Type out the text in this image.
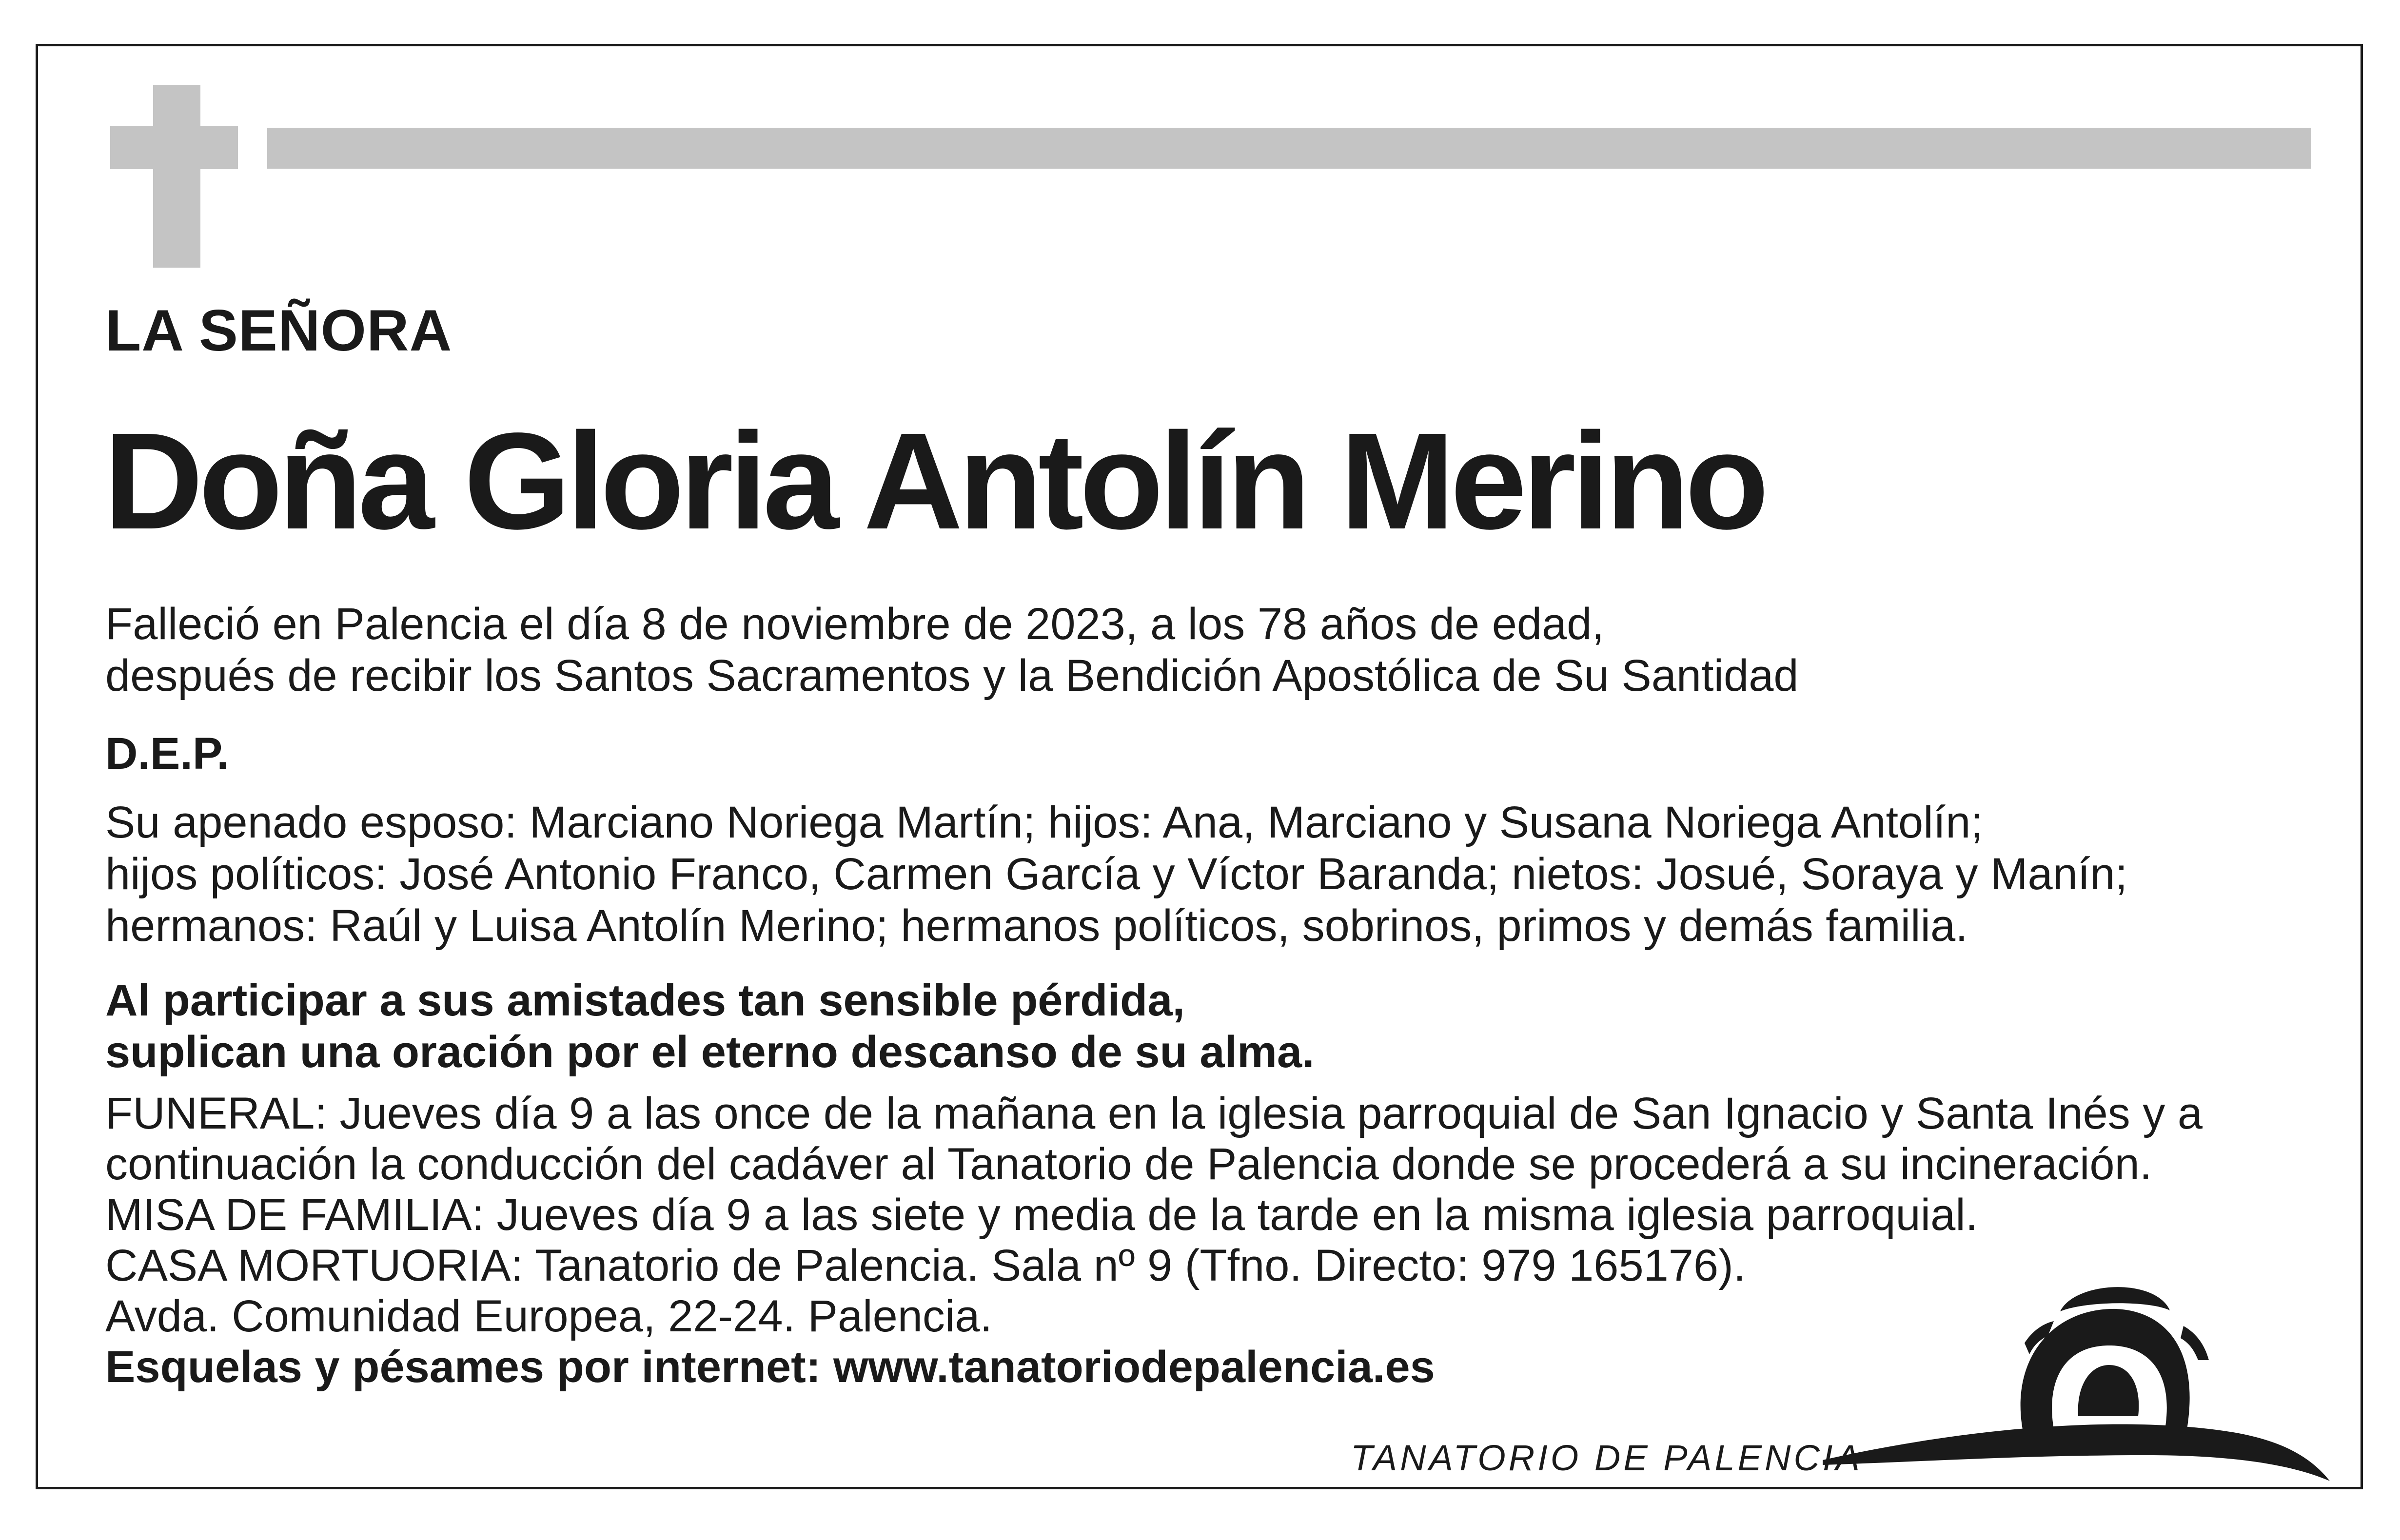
LA SEÑORA
Doña Gloria Antolín Merino
Falleció en Palencia el día 8 de noviembre de 2023, a los 78 años de edad,
después de recibir los Santos Sacramentos y la Bendición Apostólica de Su Santidad
D.E.P.
Su apenado esposo: Marciano Noriega Martín; hijos: Ana, Marciano y Susana Noriega Antolín;
hijos políticos: José Antonio Franco, Carmen García y Víctor Baranda; nietos: Josué, Soraya y Manín;
hermanos: Raúl y Luisa Antolín Merino; hermanos políticos, sobrinos, primos y demás familia.
Al participar a sus amistades tan sensible pérdida,
suplican una oración por el eterno descanso de su alma.
FUNERAL: Jueves día 9 a las once de la mañana en la iglesia parroquial de San Ignacio y Santa Inés y a
continuación la conducción del cadáver al Tanatorio de Palencia donde se procederá a su incineración.
MISA DE FAMILIA: Jueves día 9 a las siete y media de la tarde en la misma iglesia parroquial.
CASA MORTUORIA: Tanatorio de Palencia. Sala nº 9 (Tfno. Directo: 979 165176).
Avda. Comunidad Europea, 22-24. Palencia.
Esquelas y pésames por internet: www.tanatoriodepalencia.es
TANATORIO DE PALENCIA
